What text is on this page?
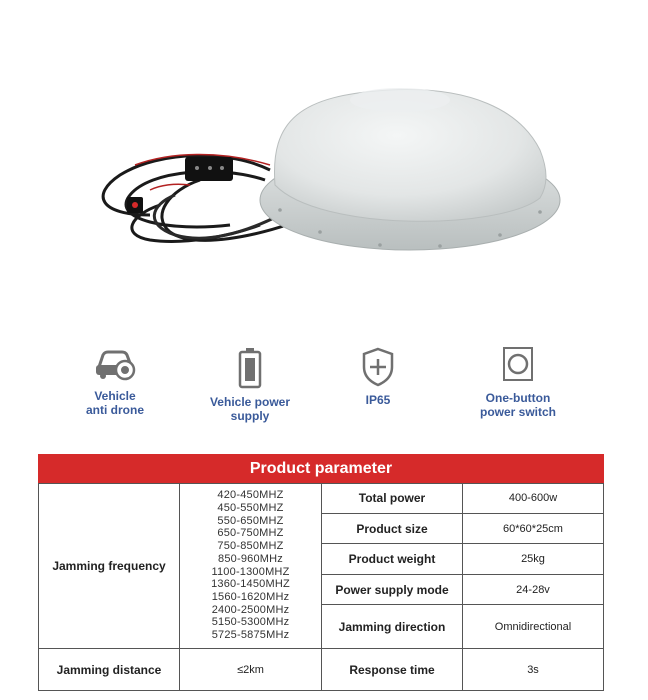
Vehicle
anti drone
Vehicle power
supply
IP65	One-button
power switch
Product parameter
Jamming frequency
420-450MHZ
450-550MHZ
550-650MHZ
650-750MHZ
750-850MHZ
850-960MHz
1100-1300MHZ
1360-1450MHZ
1560-1620MHz
2400-2500MHz
5150-5300MHz
5725-5875MHz
Total power	400-600w
Product size	60*60*25cm
Product weight	25kg
Power supply mode	24-28v
Jamming direction	Omnidirectional
Jamming distance	≤2km	Response time	3s
